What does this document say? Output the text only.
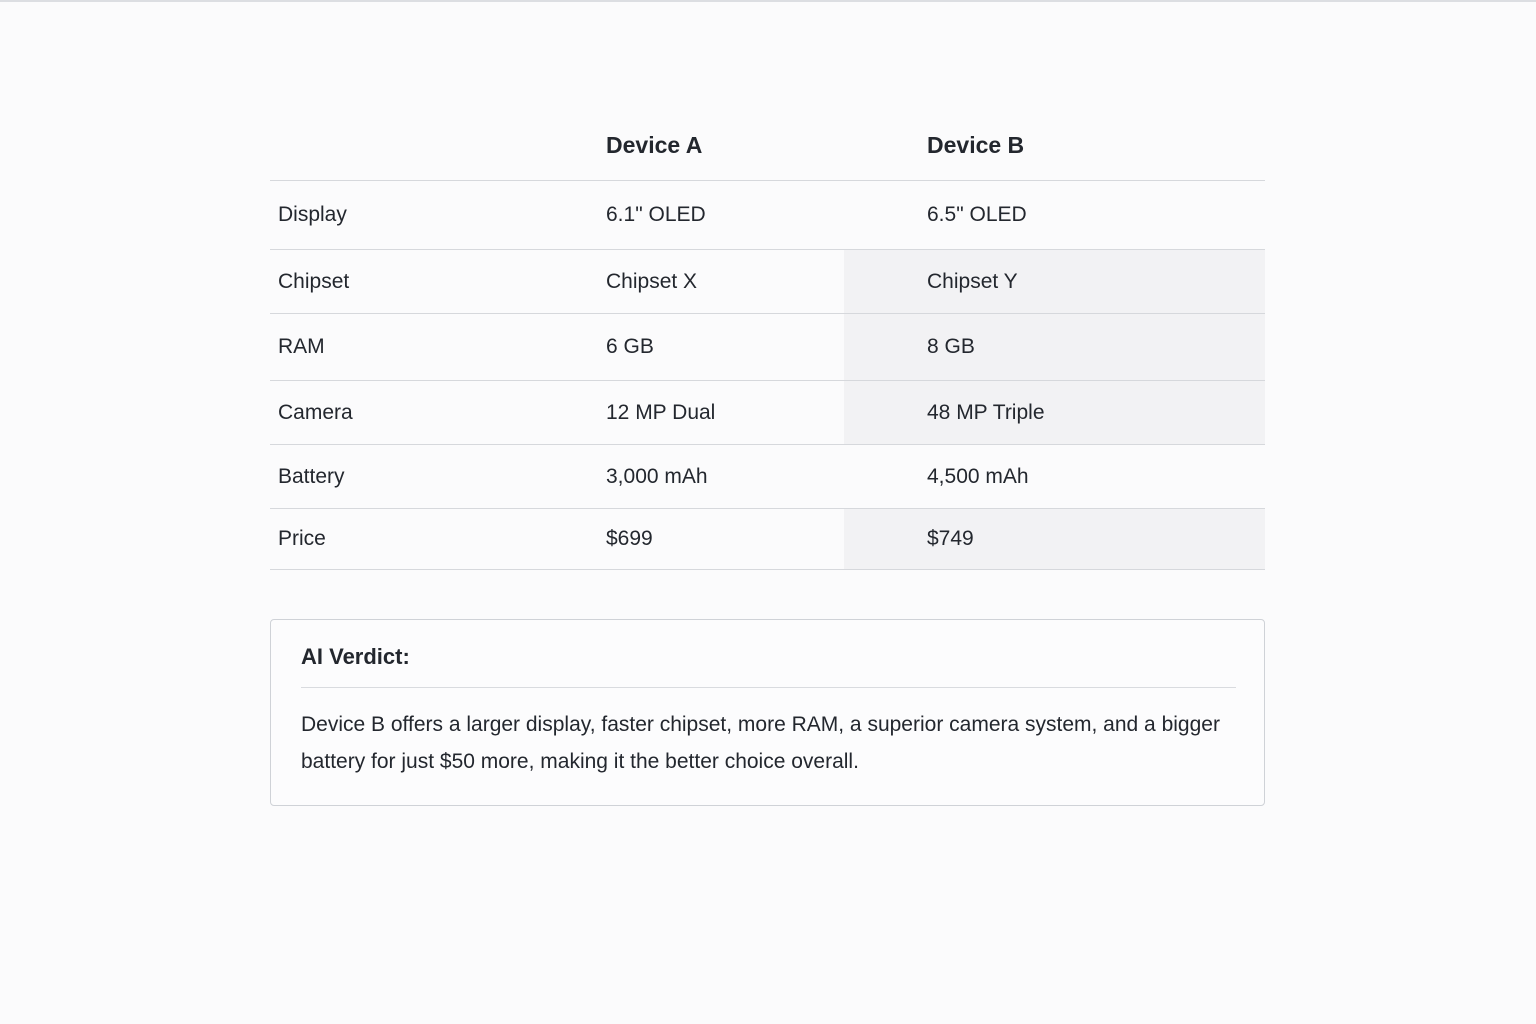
	Device A	Device B
Display	6.1" OLED	6.5" OLED
Chipset	Chipset X	Chipset Y
RAM	6 GB	8 GB
Camera	12 MP Dual	48 MP Triple
Battery	3,000 mAh	4,500 mAh
Price	$699	$749
AI Verdict:
Device B offers a larger display, faster chipset, more RAM, a superior camera system, and a bigger battery for just $50 more, making it the better choice overall.
